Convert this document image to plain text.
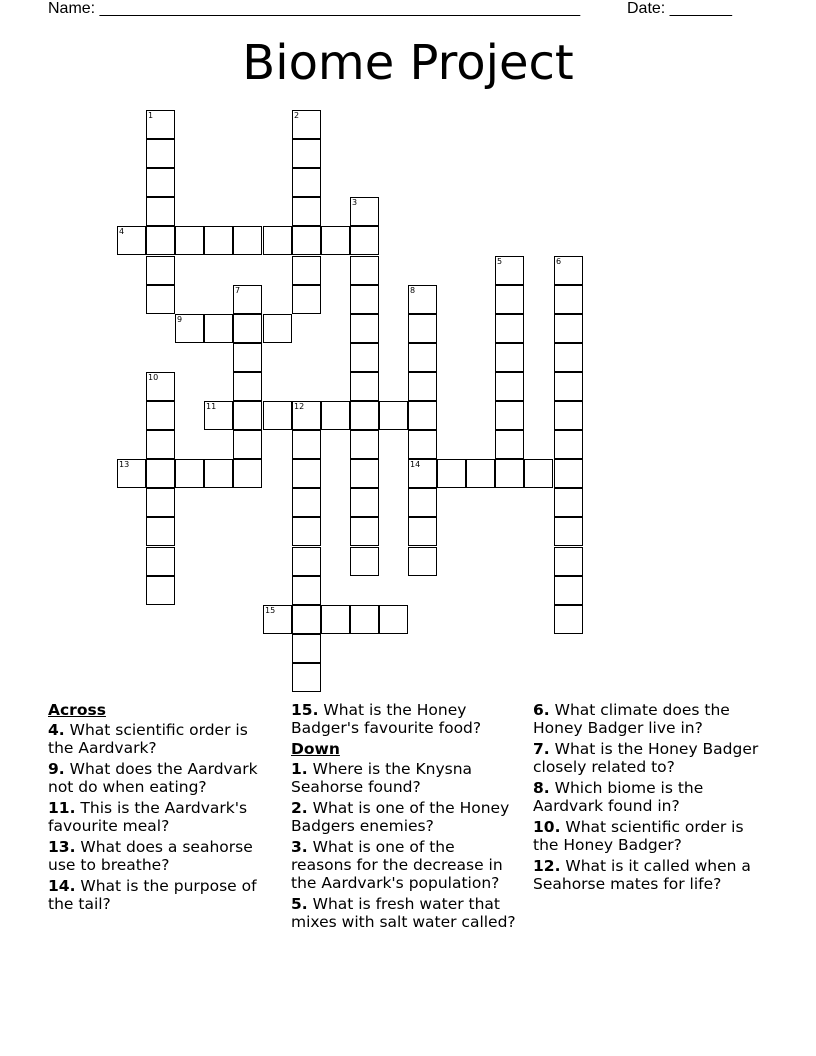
Name: ______________________________________________________	Date: _______
Biome Project
1	2
3
4
5	6
7	8
14
9
10
11	12
13
15
Across
4. What scientific order is the Aardvark?
9. What does the Aardvark not do when eating?
11. This is the Aardvark's favourite meal?
13. What does a seahorse use to breathe?
14. What is the purpose of the tail?
15. What is the Honey Badger's favourite food?
Down
1. Where is the Knysna Seahorse found?
2. What is one of the Honey Badgers enemies?
3. What is one of the reasons for the decrease in the Aardvark's population?
5. What is fresh water that mixes with salt water called?
6. What climate does the Honey Badger live in?
7. What is the Honey Badger closely related to?
8. Which biome is the Aardvark found in?
10. What scientific order is the Honey Badger?
12. What is it called when a Seahorse mates for life?
